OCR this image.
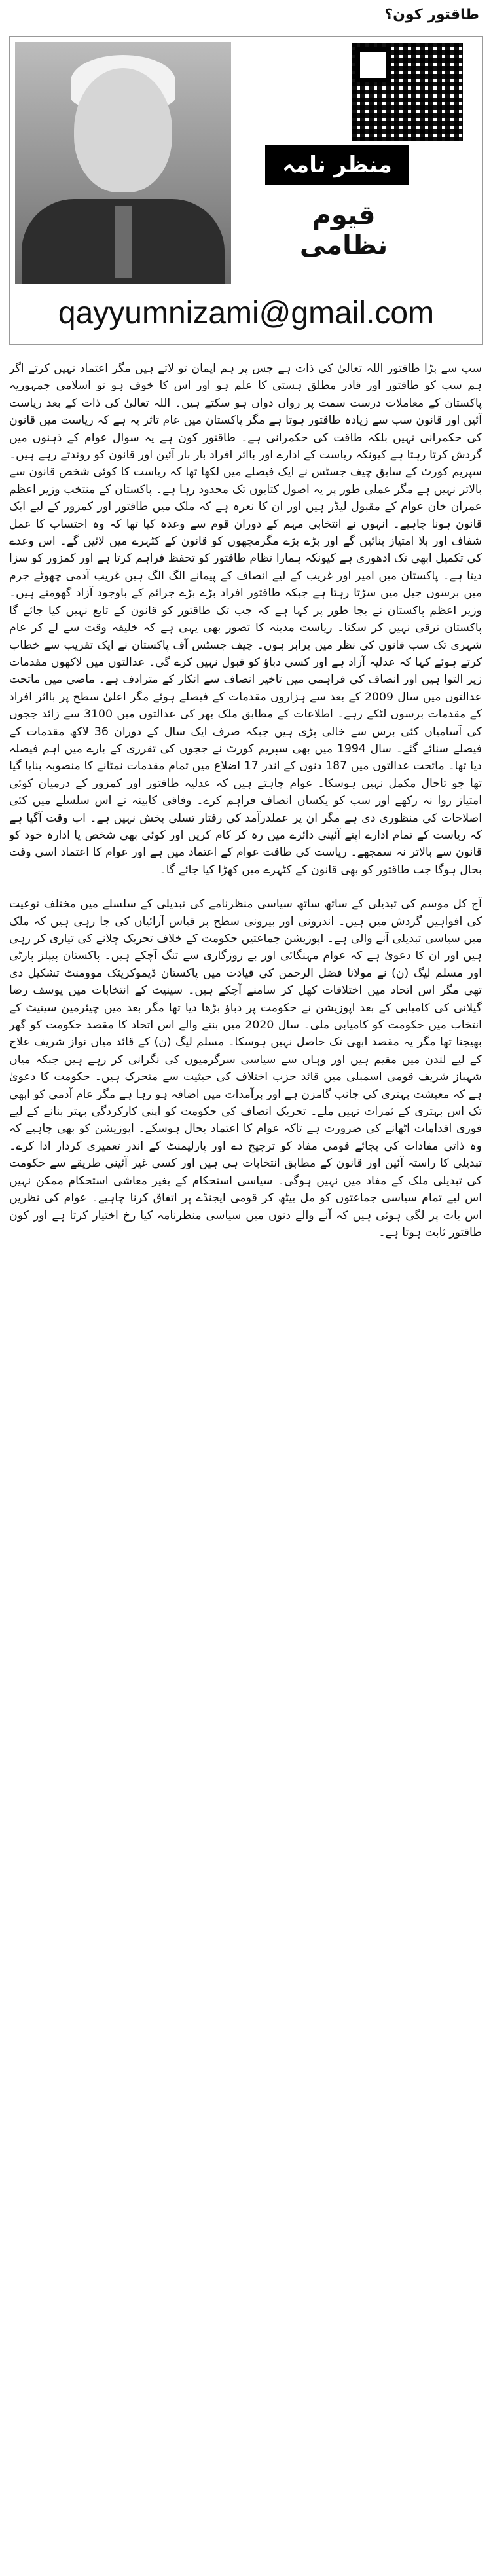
طاقتور کون؟
منظر نامہ
قیوم نظامی
qayyumnizami@gmail.com

سب سے بڑا طاقتور اللہ تعالیٰ کی ذات ہے جس پر ہم ایمان تو لاتے ہیں مگر اعتماد نہیں کرتے اگر ہم سب کو طاقتور اور قادر مطلق ہستی کا علم ہو اور اس کا خوف ہو تو اسلامی جمہوریہ پاکستان کے معاملات درست سمت پر رواں دواں ہو سکتے ہیں۔ اللہ تعالیٰ کی ذات کے بعد ریاست آئین اور قانون سب سے زیادہ طاقتور ہوتا ہے مگر پاکستان میں عام تاثر یہ ہے کہ ریاست میں قانون کی حکمرانی نہیں بلکہ طاقت کی حکمرانی ہے۔ طاقتور کون ہے یہ سوال عوام کے ذہنوں میں گردش کرتا رہتا ہے کیونکہ ریاست کے ادارے اور بااثر افراد بار بار آئین اور قانون کو روندتے رہے ہیں۔ سپریم کورٹ کے سابق چیف جسٹس نے ایک فیصلے میں لکھا تھا کہ ریاست کا کوئی شخص قانون سے بالاتر نہیں ہے مگر عملی طور پر یہ اصول کتابوں تک محدود رہا ہے۔ پاکستان کے منتخب وزیر اعظم عمران خان عوام کے مقبول لیڈر ہیں اور ان کا نعرہ ہے کہ ملک میں طاقتور اور کمزور کے لیے ایک قانون ہونا چاہیے۔ انہوں نے انتخابی مہم کے دوران قوم سے وعدہ کیا تھا کہ وہ احتساب کا عمل شفاف اور بلا امتیاز بنائیں گے اور بڑے بڑے مگرمچھوں کو قانون کے کٹہرے میں لائیں گے۔ اس وعدے کی تکمیل ابھی تک ادھوری ہے کیونکہ ہمارا نظام طاقتور کو تحفظ فراہم کرتا ہے اور کمزور کو سزا دیتا ہے۔ پاکستان میں امیر اور غریب کے لیے انصاف کے پیمانے الگ الگ ہیں غریب آدمی چھوٹے جرم میں برسوں جیل میں سڑتا رہتا ہے جبکہ طاقتور افراد بڑے بڑے جرائم کے باوجود آزاد گھومتے ہیں۔ وزیر اعظم پاکستان نے بجا طور پر کہا ہے کہ جب تک طاقتور کو قانون کے تابع نہیں کیا جائے گا پاکستان ترقی نہیں کر سکتا۔ ریاست مدینہ کا تصور بھی یہی ہے کہ خلیفہ وقت سے لے کر عام شہری تک سب قانون کی نظر میں برابر ہوں۔ چیف جسٹس آف پاکستان نے ایک تقریب سے خطاب کرتے ہوئے کہا کہ عدلیہ آزاد ہے اور کسی دباؤ کو قبول نہیں کرے گی۔ عدالتوں میں لاکھوں مقدمات زیر التوا ہیں اور انصاف کی فراہمی میں تاخیر انصاف سے انکار کے مترادف ہے۔ ماضی میں ماتحت عدالتوں میں سال 2009 کے بعد سے ہزاروں مقدمات کے فیصلے ہوئے مگر اعلیٰ سطح پر بااثر افراد کے مقدمات برسوں لٹکے رہے۔ اطلاعات کے مطابق ملک بھر کی عدالتوں میں 3100 سے زائد ججوں کی آسامیاں کئی برس سے خالی پڑی ہیں جبکہ صرف ایک سال کے دوران 36 لاکھ مقدمات کے فیصلے سنائے گئے۔ سال 1994 میں بھی سپریم کورٹ نے ججوں کی تقرری کے بارے میں اہم فیصلہ دیا تھا۔ ماتحت عدالتوں میں 187 دنوں کے اندر 17 اضلاع میں تمام مقدمات نمٹانے کا منصوبہ بنایا گیا تھا جو تاحال مکمل نہیں ہوسکا۔ عوام چاہتے ہیں کہ عدلیہ طاقتور اور کمزور کے درمیان کوئی امتیاز روا نہ رکھے اور سب کو یکساں انصاف فراہم کرے۔ وفاقی کابینہ نے اس سلسلے میں کئی اصلاحات کی منظوری دی ہے مگر ان پر عملدرآمد کی رفتار تسلی بخش نہیں ہے۔ اب وقت آگیا ہے کہ ریاست کے تمام ادارے اپنے آئینی دائرے میں رہ کر کام کریں اور کوئی بھی شخص یا ادارہ خود کو قانون سے بالاتر نہ سمجھے۔ ریاست کی طاقت عوام کے اعتماد میں ہے اور عوام کا اعتماد اسی وقت بحال ہوگا جب طاقتور کو بھی قانون کے کٹہرے میں کھڑا کیا جائے گا۔

آج کل موسم کی تبدیلی کے ساتھ ساتھ سیاسی منظرنامے کی تبدیلی کے سلسلے میں مختلف نوعیت کی افواہیں گردش میں ہیں۔ اندرونی اور بیرونی سطح پر قیاس آرائیاں کی جا رہی ہیں کہ ملک میں سیاسی تبدیلی آنے والی ہے۔ اپوزیشن جماعتیں حکومت کے خلاف تحریک چلانے کی تیاری کر رہی ہیں اور ان کا دعویٰ ہے کہ عوام مہنگائی اور بے روزگاری سے تنگ آچکے ہیں۔ پاکستان پیپلز پارٹی اور مسلم لیگ (ن) نے مولانا فضل الرحمن کی قیادت میں پاکستان ڈیموکریٹک موومنٹ تشکیل دی تھی مگر اس اتحاد میں اختلافات کھل کر سامنے آچکے ہیں۔ سینیٹ کے انتخابات میں یوسف رضا گیلانی کی کامیابی کے بعد اپوزیشن نے حکومت پر دباؤ بڑھا دیا تھا مگر بعد میں چیئرمین سینیٹ کے انتخاب میں حکومت کو کامیابی ملی۔ سال 2020 میں بننے والے اس اتحاد کا مقصد حکومت کو گھر بھیجنا تھا مگر یہ مقصد ابھی تک حاصل نہیں ہوسکا۔ مسلم لیگ (ن) کے قائد میاں نواز شریف علاج کے لیے لندن میں مقیم ہیں اور وہاں سے سیاسی سرگرمیوں کی نگرانی کر رہے ہیں جبکہ میاں شہباز شریف قومی اسمبلی میں قائد حزب اختلاف کی حیثیت سے متحرک ہیں۔ حکومت کا دعویٰ ہے کہ معیشت بہتری کی جانب گامزن ہے اور برآمدات میں اضافہ ہو رہا ہے مگر عام آدمی کو ابھی تک اس بہتری کے ثمرات نہیں ملے۔ تحریک انصاف کی حکومت کو اپنی کارکردگی بہتر بنانے کے لیے فوری اقدامات اٹھانے کی ضرورت ہے تاکہ عوام کا اعتماد بحال ہوسکے۔ اپوزیشن کو بھی چاہیے کہ وہ ذاتی مفادات کی بجائے قومی مفاد کو ترجیح دے اور پارلیمنٹ کے اندر تعمیری کردار ادا کرے۔ تبدیلی کا راستہ آئین اور قانون کے مطابق انتخابات ہی ہیں اور کسی غیر آئینی طریقے سے حکومت کی تبدیلی ملک کے مفاد میں نہیں ہوگی۔ سیاسی استحکام کے بغیر معاشی استحکام ممکن نہیں اس لیے تمام سیاسی جماعتوں کو مل بیٹھ کر قومی ایجنڈے پر اتفاق کرنا چاہیے۔ عوام کی نظریں اس بات پر لگی ہوئی ہیں کہ آنے والے دنوں میں سیاسی منظرنامہ کیا رخ اختیار کرتا ہے اور کون طاقتور ثابت ہوتا ہے۔
